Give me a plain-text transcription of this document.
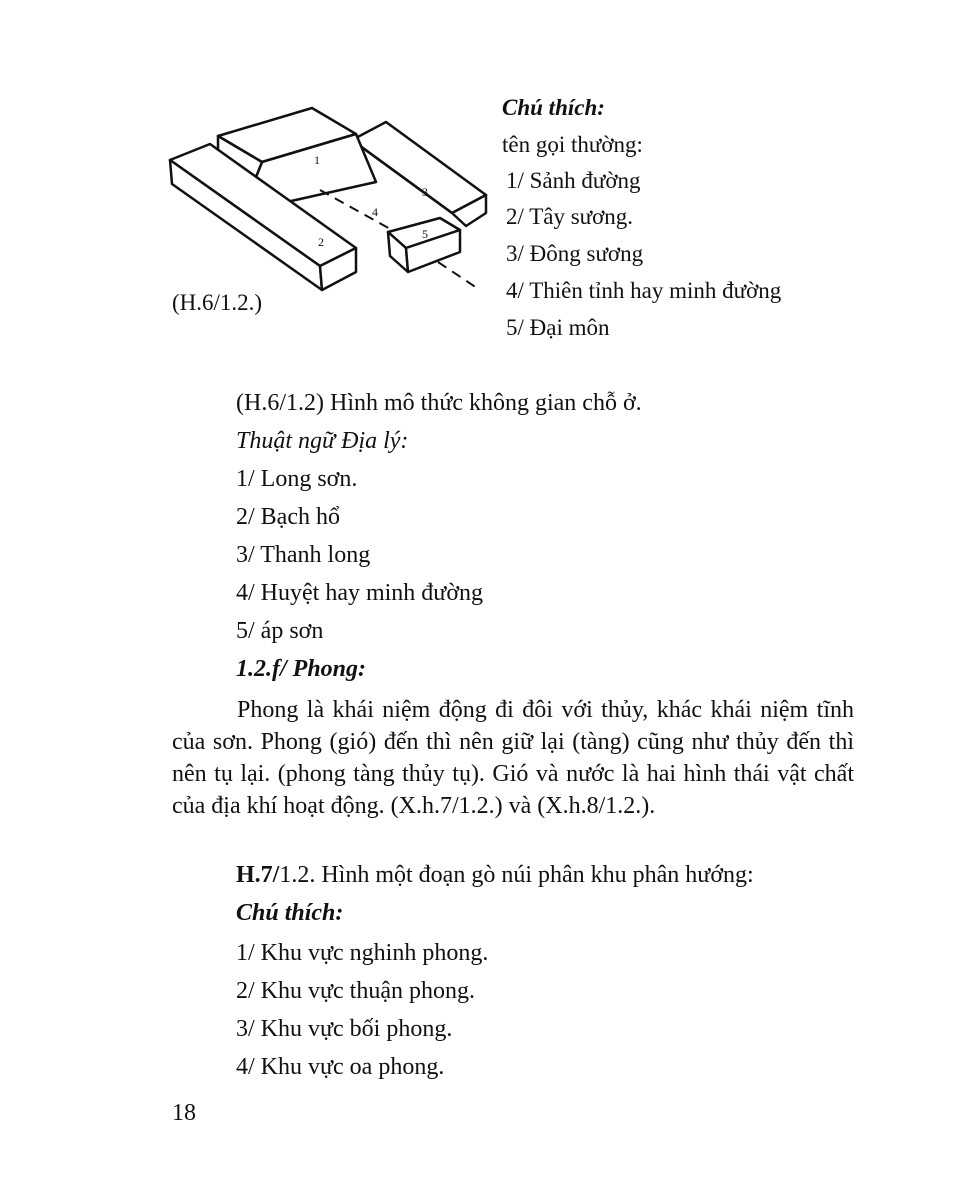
1
2
3
4
5
(H.6/1.2.)
Chú thích:
tên gọi thường:
1/ Sảnh đường
2/ Tây sương.
3/ Đông sương
4/ Thiên tỉnh hay minh đường
5/ Đại môn
(H.6/1.2) Hình mô thức không gian chỗ ở.
Thuật ngữ Địa lý:
1/ Long sơn.
2/ Bạch hổ
3/ Thanh long
4/ Huyệt hay minh đường
5/ áp sơn
1.2.f/ Phong:
Phong là khái niệm động đi đôi với thủy, khác khái niệm tĩnh của sơn. Phong (gió) đến thì nên giữ lại (tàng) cũng như thủy đến thì nên tụ lại. (phong tàng thủy tụ). Gió và nước là hai hình thái vật chất của địa khí hoạt động. (X.h.7/1.2.) và (X.h.8/1.2.).
H.7/1.2. Hình một đoạn gò núi phân khu phân hướng:
Chú thích:
1/ Khu vực nghinh phong.
2/ Khu vực thuận phong.
3/ Khu vực bối phong.
4/ Khu vực oa phong.
18
